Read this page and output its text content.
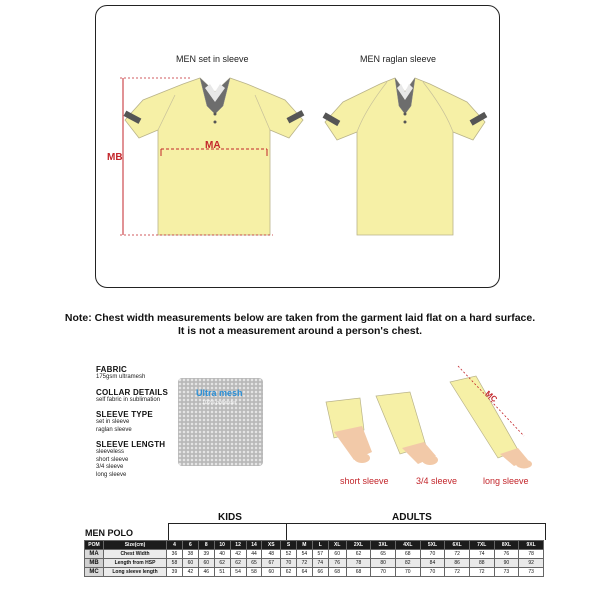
MEN set in sleeve	MEN raglan sleeve
MB
MA
Note: Chest width measurements below are taken from the garment laid flat on a hard surface.
It is not a measurement around a person's chest.
FABRIC
175gsm ultramesh
COLLAR DETAILS
self fabric in sublimation
SLEEVE TYPE
set in sleeve
raglan sleeve
SLEEVE LENGTH
sleeveless
short sleeve
3/4 sleeve
long sleeve
Ultra mesh
100% polyester	MC
short sleeve	3/4 sleeve	long sleeve
KIDS	ADULTS
MEN POLO
POM	Size(cm)	4	6	8	10	12	14	XS	S	M	L	XL	2XL	3XL	4XL	5XL	6XL	7XL	8XL	9XL
MA	Chest Width	36	38	39	40	42	44	48	52	54	57	60	62	65	68	70	72	74	76	78
MB	Length from HSP	58	60	60	62	62	65	67	70	72	74	76	78	80	82	84	86	88	90	92
MC	Long sleeve length	39	42	46	51	54	58	60	62	64	66	68	68	70	70	70	72	72	73	73
